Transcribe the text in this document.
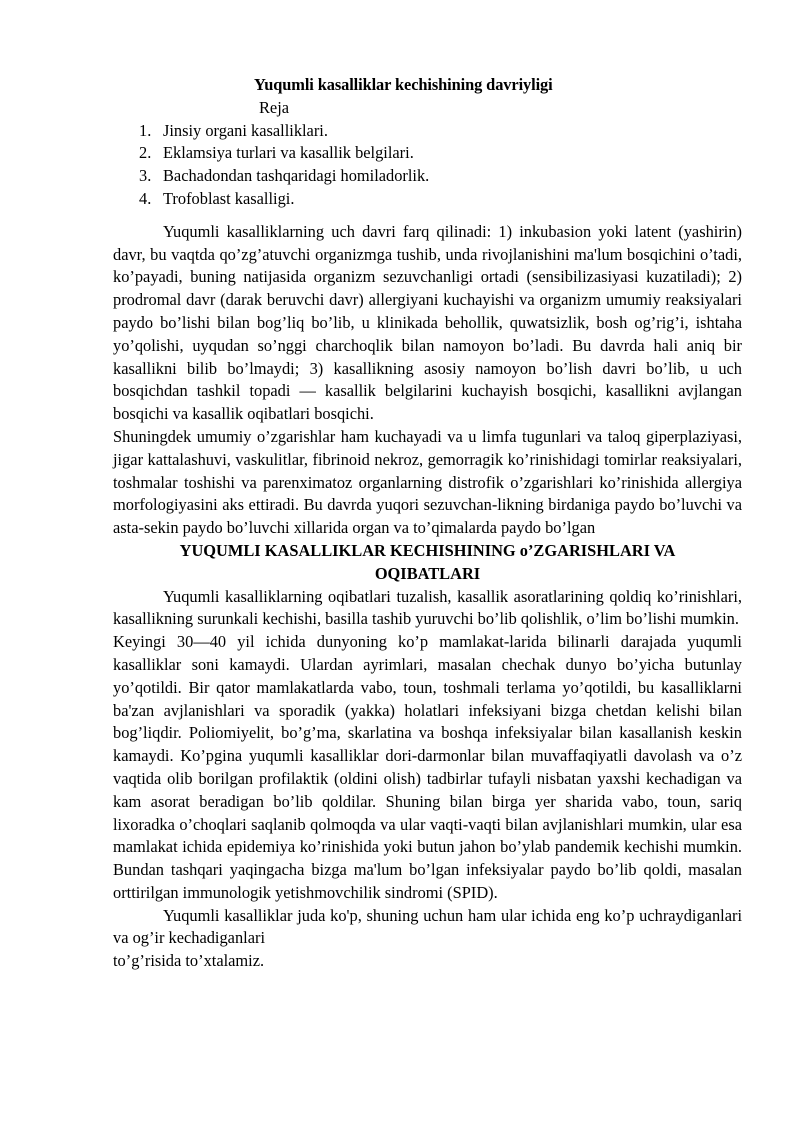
Yuqumli kasalliklar kechishining davriyligi
Reja
1. Jinsiy organi kasalliklari.
2. Eklamsiya turlari va kasallik belgilari.
3. Bachadondan tashqaridagi homiladorlik.
4. Trofoblast kasalligi.

Yuqumli kasalliklarning uch davri farq qilinadi: 1) inkubasion yoki latent (yashirin) davr, bu vaqtda qo’zg’atuvchi organizmga tushib, unda rivojlanishini ma'lum bosqichini o’tadi, ko’payadi, buning natijasida organizm sezuvchanligi ortadi (sensibilizasiyasi kuzatiladi); 2) prodromal davr (darak beruvchi davr) allergiyani kuchayishi va organizm umumiy reaksiyalari paydo bo’lishi bilan bog’liq bo’lib, u klinikada behollik, quwatsizlik, bosh og’rig’i, ishtaha yo’qolishi, uyqudan so’nggi charchoqlik bilan namoyon bo’ladi. Bu davrda hali aniq bir kasallikni bilib bo’lmaydi; 3) kasallikning asosiy namoyon bo’lish davri bo’lib, u uch bosqichdan tashkil topadi — kasallik belgilarini kuchayish bosqichi, kasallikni avjlangan bosqichi va kasallik oqibatlari bosqichi.

Shuningdek umumiy o’zgarishlar ham kuchayadi va u limfa tugunlari va taloq giperplaziyasi, jigar kattalashuvi, vaskulitlar, fibrinoid nekroz, gemorragik ko’rinishidagi tomirlar reaksiyalari, toshmalar toshishi va parenximatoz organlarning distrofik o’zgarishlari ko’rinishida allergiya morfologiyasini aks ettiradi. Bu davrda yuqori sezuvchan-likning birdaniga paydo bo’luvchi va asta-sekin paydo bo’luvchi xillarida organ va to’qimalarda paydo bo’lgan

YUQUMLI KASALLIKLAR KECHISHINING o’ZGARISHLARI VA
OQIBATLARI

Yuqumli kasalliklarning oqibatlari tuzalish, kasallik asoratlarining qoldiq ko’rinishlari, kasallikning surunkali kechishi, basilla tashib yuruvchi bo’lib qolishlik, o’lim bo’lishi mumkin.

Keyingi 30—40 yil ichida dunyoning ko’p mamlakat-larida bilinarli darajada yuqumli kasalliklar soni kamaydi. Ulardan ayrimlari, masalan chechak dunyo bo’yicha butunlay yo’qotildi. Bir qator mamlakatlarda vabo, toun, toshmali terlama yo’qotildi, bu kasalliklarni ba'zan avjlanishlari va sporadik (yakka) holatlari infeksiyani bizga chetdan kelishi bilan bog’liqdir. Poliomiyelit, bo’g’ma, skarlatina va boshqa infeksiyalar bilan kasallanish keskin kamaydi. Ko’pgina yuqumli kasalliklar dori-darmonlar bilan muvaffaqiyatli davolash va o’z vaqtida olib borilgan profilaktik (oldini olish) tadbirlar tufayli nisbatan yaxshi kechadigan va kam asorat beradigan bo’lib qoldilar. Shuning bilan birga yer sharida vabo, toun, sariq lixoradka o’choqlari saqlanib qolmoqda va ular vaqti-vaqti bilan avjlanishlari mumkin, ular esa mamlakat ichida epidemiya ko’rinishida yoki butun jahon bo’ylab pandemik kechishi mumkin. Bundan tashqari yaqingacha bizga ma'lum bo’lgan infeksiyalar paydo bo’lib qoldi, masalan orttirilgan immunologik yetishmovchilik sindromi (SPID).

Yuqumli kasalliklar juda ko'p, shuning uchun ham ular ichida eng ko’p uchraydiganlari va og’ir kechadiganlari
to’g’risida to’xtalamiz.
